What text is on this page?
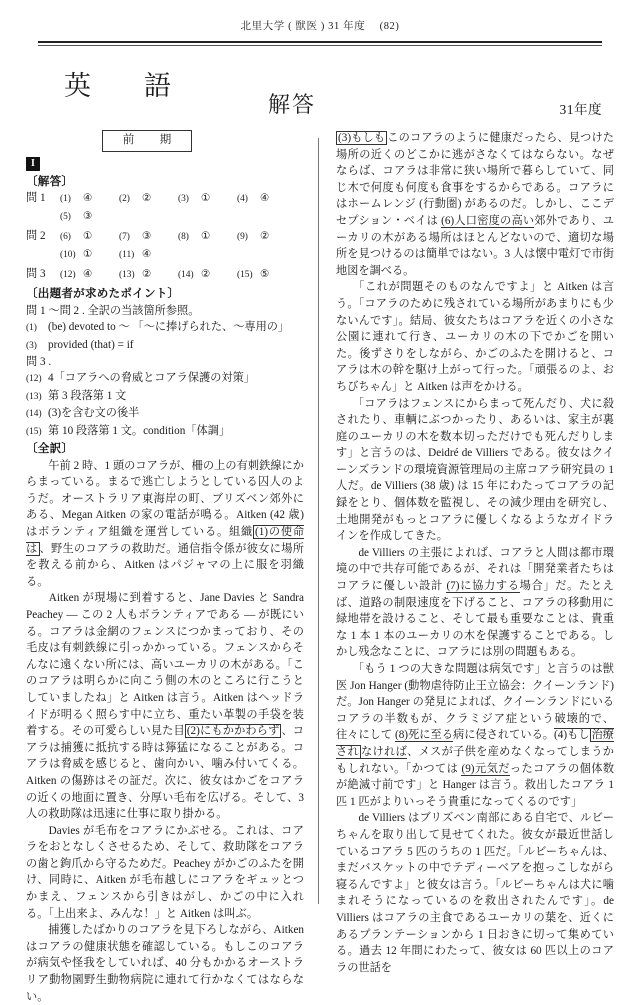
北里大学 ( 獣医 ) 31 年度 　(82)
英　語
解答	31年度
前　期
I
〔解答〕
問 1	(1)	④	(2)	②	(3)	①	(4)	④
(5)	③
問 2	(6)	①	(7)	③	(8)	①	(9)	②
(10) ①	(11) ④
問 3	(12) ④	(13) ②	(14) ②	(15) ⑤
〔出題者が求めたポイント〕
問 1 ～問 2 . 全訳の当該箇所参照。
(1) (be) devoted to ～ 「～に捧げられた、～専用の」
(3) provided (that) = if
問 3 .
(12) 4「コアラへの脅威とコアラ保護の対策」
(13) 第 3 段落第 1 文
(14) (3)を含む文の後半
(15) 第 10 段落第 1 文。condition「体調」
〔全訳〕

　午前 2 時、1 頭のコアラが、柵の上の有刺鉄線にからまっている。まるで逃亡しようとしている囚人のようだ。オーストラリア東海岸の町、ブリズベン郊外にある、Megan Aitken の家の電話が鳴る。Aitken (42 歳) はボランティア組織を運営している。組織 (1)の使命は 、野生のコアラの救助だ。通信指令係が彼女に場所を教える前から、Aitken はパジャマの上に服を羽織る。

　Aitken が現場に到着すると、Jane Davies と Sandra Peachey ― この 2 人もボランティアである ― が既にいる。コアラは金網のフェンスにつかまっており、その毛皮は有刺鉄線に引っかかっている。フェンスからそんなに遠くない所には、高いユーカリの木がある。「このコアラは明らかに向こう側の木のところに行こうとしていましたね」と Aitken は言う。Aitken はヘッドライドが明るく照らす中に立ち、重たい革製の手袋を装着する。その可愛らしい見た目 (2)にもかかわらず 、コアラは捕獲に抵抗する時は獰猛になることがある。コアラは脅威を感じると、歯向かい、噛み付いてくる。Aitken の傷跡はその証だ。次に、彼女はかごをコアラの近くの地面に置き、分厚い毛布を広げる。そして、3 人の救助隊は迅速に仕事に取り掛かる。

　Davies が毛布をコアラにかぶせる。これは、コアラをおとなしくさせるため、そして、救助隊をコアラの歯と鉤爪から守るためだ。Peachey がかごのふたを開け、同時に、Aitken が毛布越しにコアラをギュッとつかまえ、フェンスから引きはがし、かごの中に入れる。「上出来よ、みんな！」と Aitken は叫ぶ。

　捕獲したばかりのコアラを見下ろしながら、Aitken はコアラの健康状態を確認している。もしこのコアラが病気や怪我をしていれば、40 分もかかるオーストラリア動物園野生動物病院に連れて行かなくてはならない。

(3)もしも このコアラのように健康だったら、見つけた場所の近くのどこかに逃がさなくてはならない。なぜならば、コアラは非常に狭い場所で暮らしていて、同じ木で何度も何度も食事をするからである。コアラにはホームレンジ (行動圏) があるのだ。しかし、ここデセプション・ベイは (6)人口密度の高い郊外であり、ユーカリの木がある場所はほとんどないので、適切な場所を見つけるのは簡単ではない。3 人は懐中電灯で市街地図を調べる。

　「これが問題そのものなんですよ」と Aitken は言う。「コアラのために残されている場所があまりにも少ないんです」。結局、彼女たちはコアラを近くの小さな公園に連れて行き、ユーカリの木の下でかごを開いた。後ずさりをしながら、かごのふたを開けると、コアラは木の幹を駆け上がって行った。「頑張るのよ、おちびちゃん」と Aitken は声をかける。

　「コアラはフェンスにからまって死んだり、犬に殺されたり、車輌にぶつかったり、あるいは、家主が裏庭のユーカリの木を数本切っただけでも死んだりします」と言うのは、Deidré de Villiers である。彼女はクイーンズランドの環境資源管理局の主席コアラ研究員の 1 人だ。de Villiers (38 歳) は 15 年にわたってコアラの記録をとり、個体数を監視し、その減少理由を研究し、土地開発がもっとコアラに優しくなるようなガイドラインを作成してきた。

　de Villiers の主張によれば、コアラと人間は都市環境の中で共存可能であるが、それは「開発業者たちはコアラに優しい設計 (7)に協力する場合」だ。たとえば、道路の制限速度を下げること、コアラの移動用に緑地帯を設けること、そして最も重要なことは、貴重な 1 本 1 本のユーカリの木を保護することである。しかし残念なことに、コアラには別の問題もある。

　「もう 1 つの大きな問題は病気です」と言うのは獣医 Jon Hanger (動物虐待防止王立協会：クイーンランド) だ。Jon Hanger の発見によれば、クイーンランドにいるコアラの半数もが、クラミジア症という破壊的で、往々にして (8)死に至る病に侵されている。(4)もし 治療され なければ、メスが子供を産めなくなってしまうかもしれない。「かつては (9)元気だったコアラの個体数が絶滅寸前です」と Hanger は言う。救出したコアラ 1 匹 1 匹がよりいっそう貴重になってくるのです」

　de Villiers はブリズベン南部にある自宅で、ルビーちゃんを取り出して見せてくれた。彼女が最近世話しているコアラ 5 匹のうちの 1 匹だ。「ルビーちゃんは、まだバスケットの中でテディーベアを抱っこしながら寝るんですよ」と彼女は言う。「ルビーちゃんは犬に噛まれそうになっているのを救出されたんです」。de Villiers はコアラの主食であるユーカリの葉を、近くにあるプランテーションから 1 日おきに切って集めている。過去 12 年間にわたって、彼女は 60 匹以上のコアラの世話を
